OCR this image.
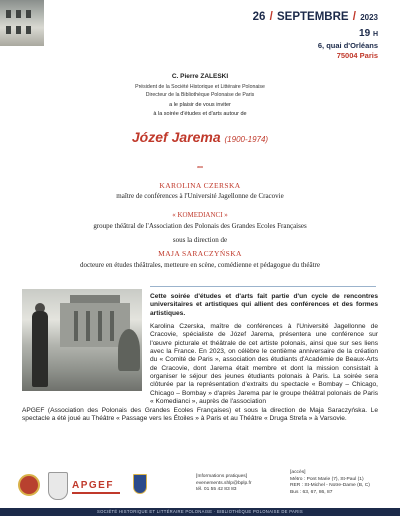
26 / SEPTEMBRE / 2023
19 H
6, quai d'Orléans
75004 Paris
C. Pierre ZALESKI
Président de la Société Historique et Littéraire Polonaise
Directeur de la Bibliothèque Polonaise de Paris
a le plaisir de vous inviter
à la soirée d'études et d'arts autour de
Józef Jarema (1900-1974)
***
KAROLINA CZERSKA
maître de conférences à l'Université Jagellonne de Cracovie
« KOMEDIANCI »
groupe théâtral de l'Association des Polonais des Grandes Ecoles Françaises
sous la direction de
MAJA SARACZYŃSKA
docteure en études théâtrales, metteure en scène, comédienne et pédagogue du théâtre
Cette soirée d'études et d'arts fait partie d'un cycle de rencontres universitaires et artistiques qui allient des conférences et des formes artistiques.
Karolina Czerska, maître de conférences à l'Université Jagellonne de Cracovie, spécialiste de Józef Jarema, présentera une conférence sur l'œuvre picturale et théâtrale de cet artiste polonais, ainsi que sur ses liens avec la France. En 2023, on célèbre le centième anniversaire de la création du « Comité de Paris », association des étudiants d'Académie de Beaux-Arts de Cracovie, dont Jarema était membre et dont la mission consistait à organiser le séjour des jeunes étudiants polonais à Paris. La soirée sera clôturée par la représentation d'extraits du spectacle « Bombay – Chicago, Chicago – Bombay » d'après Jarema par le groupe théâtral polonais de Paris « Komedianci », auprès de l'association
APGEF (Association des Polonais des Grandes Ecoles Françaises) et sous la direction de Maja Saraczyńska. Le spectacle a été joué au Théâtre « Passage vers les Étoiles » à Paris et au Théâtre « Druga Strefa » à Varsovie.
APGEF
[Informations pratiques]
evenements.shlp@bplp.fr
tél. 01 55 42 83 83
[accès]
Métro : Pont Marie (7), St-Paul (1)
RER : St-Michel - Notre-Dame (B, C)
Bus : 63, 67, 86, 87
SOCIÉTÉ HISTORIQUE ET LITTÉRAIRE POLONAISE · BIBLIOTHÈQUE POLONAISE DE PARIS
